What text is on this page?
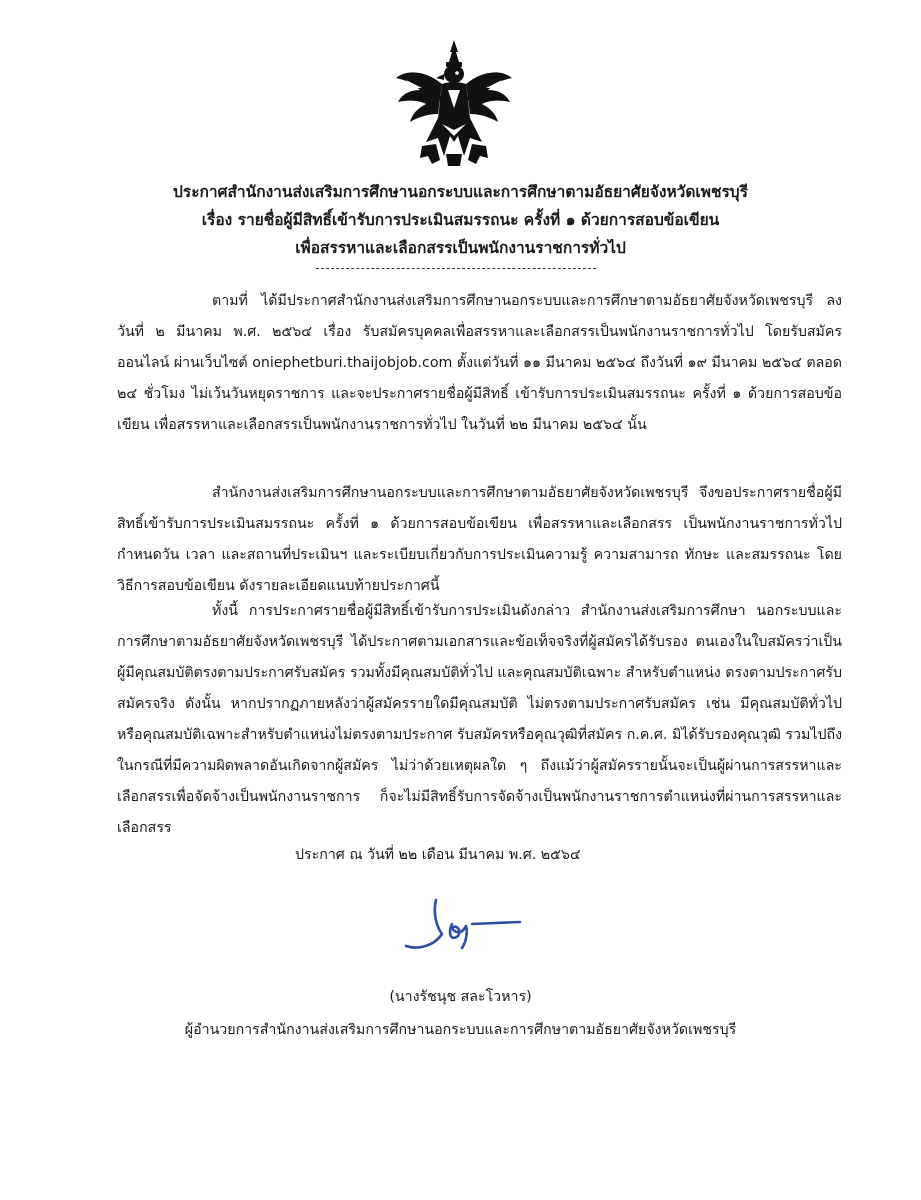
ประกาศสำนักงานส่งเสริมการศึกษานอกระบบและการศึกษาตามอัธยาศัยจังหวัดเพชรบุรี
เรื่อง รายชื่อผู้มีสิทธิ์เข้ารับการประเมินสมรรถนะ ครั้งที่ ๑ ด้วยการสอบข้อเขียน
เพื่อสรรหาและเลือกสรรเป็นพนักงานราชการทั่วไป
ตามที่ ได้มีประกาศสำนักงานส่งเสริมการศึกษานอกระบบและการศึกษาตามอัธยาศัยจังหวัดเพชรบุรี ลงวันที่ ๒ มีนาคม พ.ศ. ๒๕๖๔ เรื่อง รับสมัครบุคคลเพื่อสรรหาและเลือกสรรเป็นพนักงานราชการทั่วไป โดยรับสมัครออนไลน์ ผ่านเว็บไซต์ oniephetburi.thaijobjob.com ตั้งแต่วันที่ ๑๑ มีนาคม ๒๕๖๔ ถึงวันที่ ๑๙ มีนาคม ๒๕๖๔ ตลอด ๒๔ ชั่วโมง ไม่เว้นวันหยุดราชการ และจะประกาศรายชื่อผู้มีสิทธิ์ เข้ารับการประเมินสมรรถนะ ครั้งที่ ๑ ด้วยการสอบข้อเขียน เพื่อสรรหาและเลือกสรรเป็นพนักงานราชการทั่วไป ในวันที่ ๒๒ มีนาคม ๒๕๖๔ นั้น
สำนักงานส่งเสริมการศึกษานอกระบบและการศึกษาตามอัธยาศัยจังหวัดเพชรบุรี จึงขอประกาศรายชื่อผู้มีสิทธิ์เข้ารับการประเมินสมรรถนะ ครั้งที่ ๑ ด้วยการสอบข้อเขียน เพื่อสรรหาและเลือกสรร เป็นพนักงานราชการทั่วไป กำหนดวัน เวลา และสถานที่ประเมินฯ และระเบียบเกี่ยวกับการประเมินความรู้ ความสามารถ ทักษะ และสมรรถนะ โดยวิธีการสอบข้อเขียน ดังรายละเอียดแนบท้ายประกาศนี้
ทั้งนี้ การประกาศรายชื่อผู้มีสิทธิ์เข้ารับการประเมินดังกล่าว สำนักงานส่งเสริมการศึกษา นอกระบบและการศึกษาตามอัธยาศัยจังหวัดเพชรบุรี ได้ประกาศตามเอกสารและข้อเท็จจริงที่ผู้สมัครได้รับรอง ตนเองในใบสมัครว่าเป็นผู้มีคุณสมบัติตรงตามประกาศรับสมัคร รวมทั้งมีคุณสมบัติทั่วไป และคุณสมบัติเฉพาะ สำหรับตำแหน่ง ตรงตามประกาศรับสมัครจริง ดังนั้น หากปรากฏภายหลังว่าผู้สมัครรายใดมีคุณสมบัติ ไม่ตรงตามประกาศรับสมัคร เช่น มีคุณสมบัติทั่วไป หรือคุณสมบัติเฉพาะสำหรับตำแหน่งไม่ตรงตามประกาศ รับสมัครหรือคุณวุฒิที่สมัคร ก.ค.ศ. มิได้รับรองคุณวุฒิ รวมไปถึงในกรณีที่มีความผิดพลาดอันเกิดจากผู้สมัคร ไม่ว่าด้วยเหตุผลใด ๆ ถึงแม้ว่าผู้สมัครรายนั้นจะเป็นผู้ผ่านการสรรหาและเลือกสรรเพื่อจัดจ้างเป็นพนักงานราชการ ก็จะไม่มีสิทธิ์รับการจัดจ้างเป็นพนักงานราชการตำแหน่งที่ผ่านการสรรหาและเลือกสรร
ประกาศ ณ วันที่ ๒๒ เดือน มีนาคม พ.ศ. ๒๕๖๔
(นางรัชนุช สละโวหาร)
ผู้อำนวยการสำนักงานส่งเสริมการศึกษานอกระบบและการศึกษาตามอัธยาศัยจังหวัดเพชรบุรี
